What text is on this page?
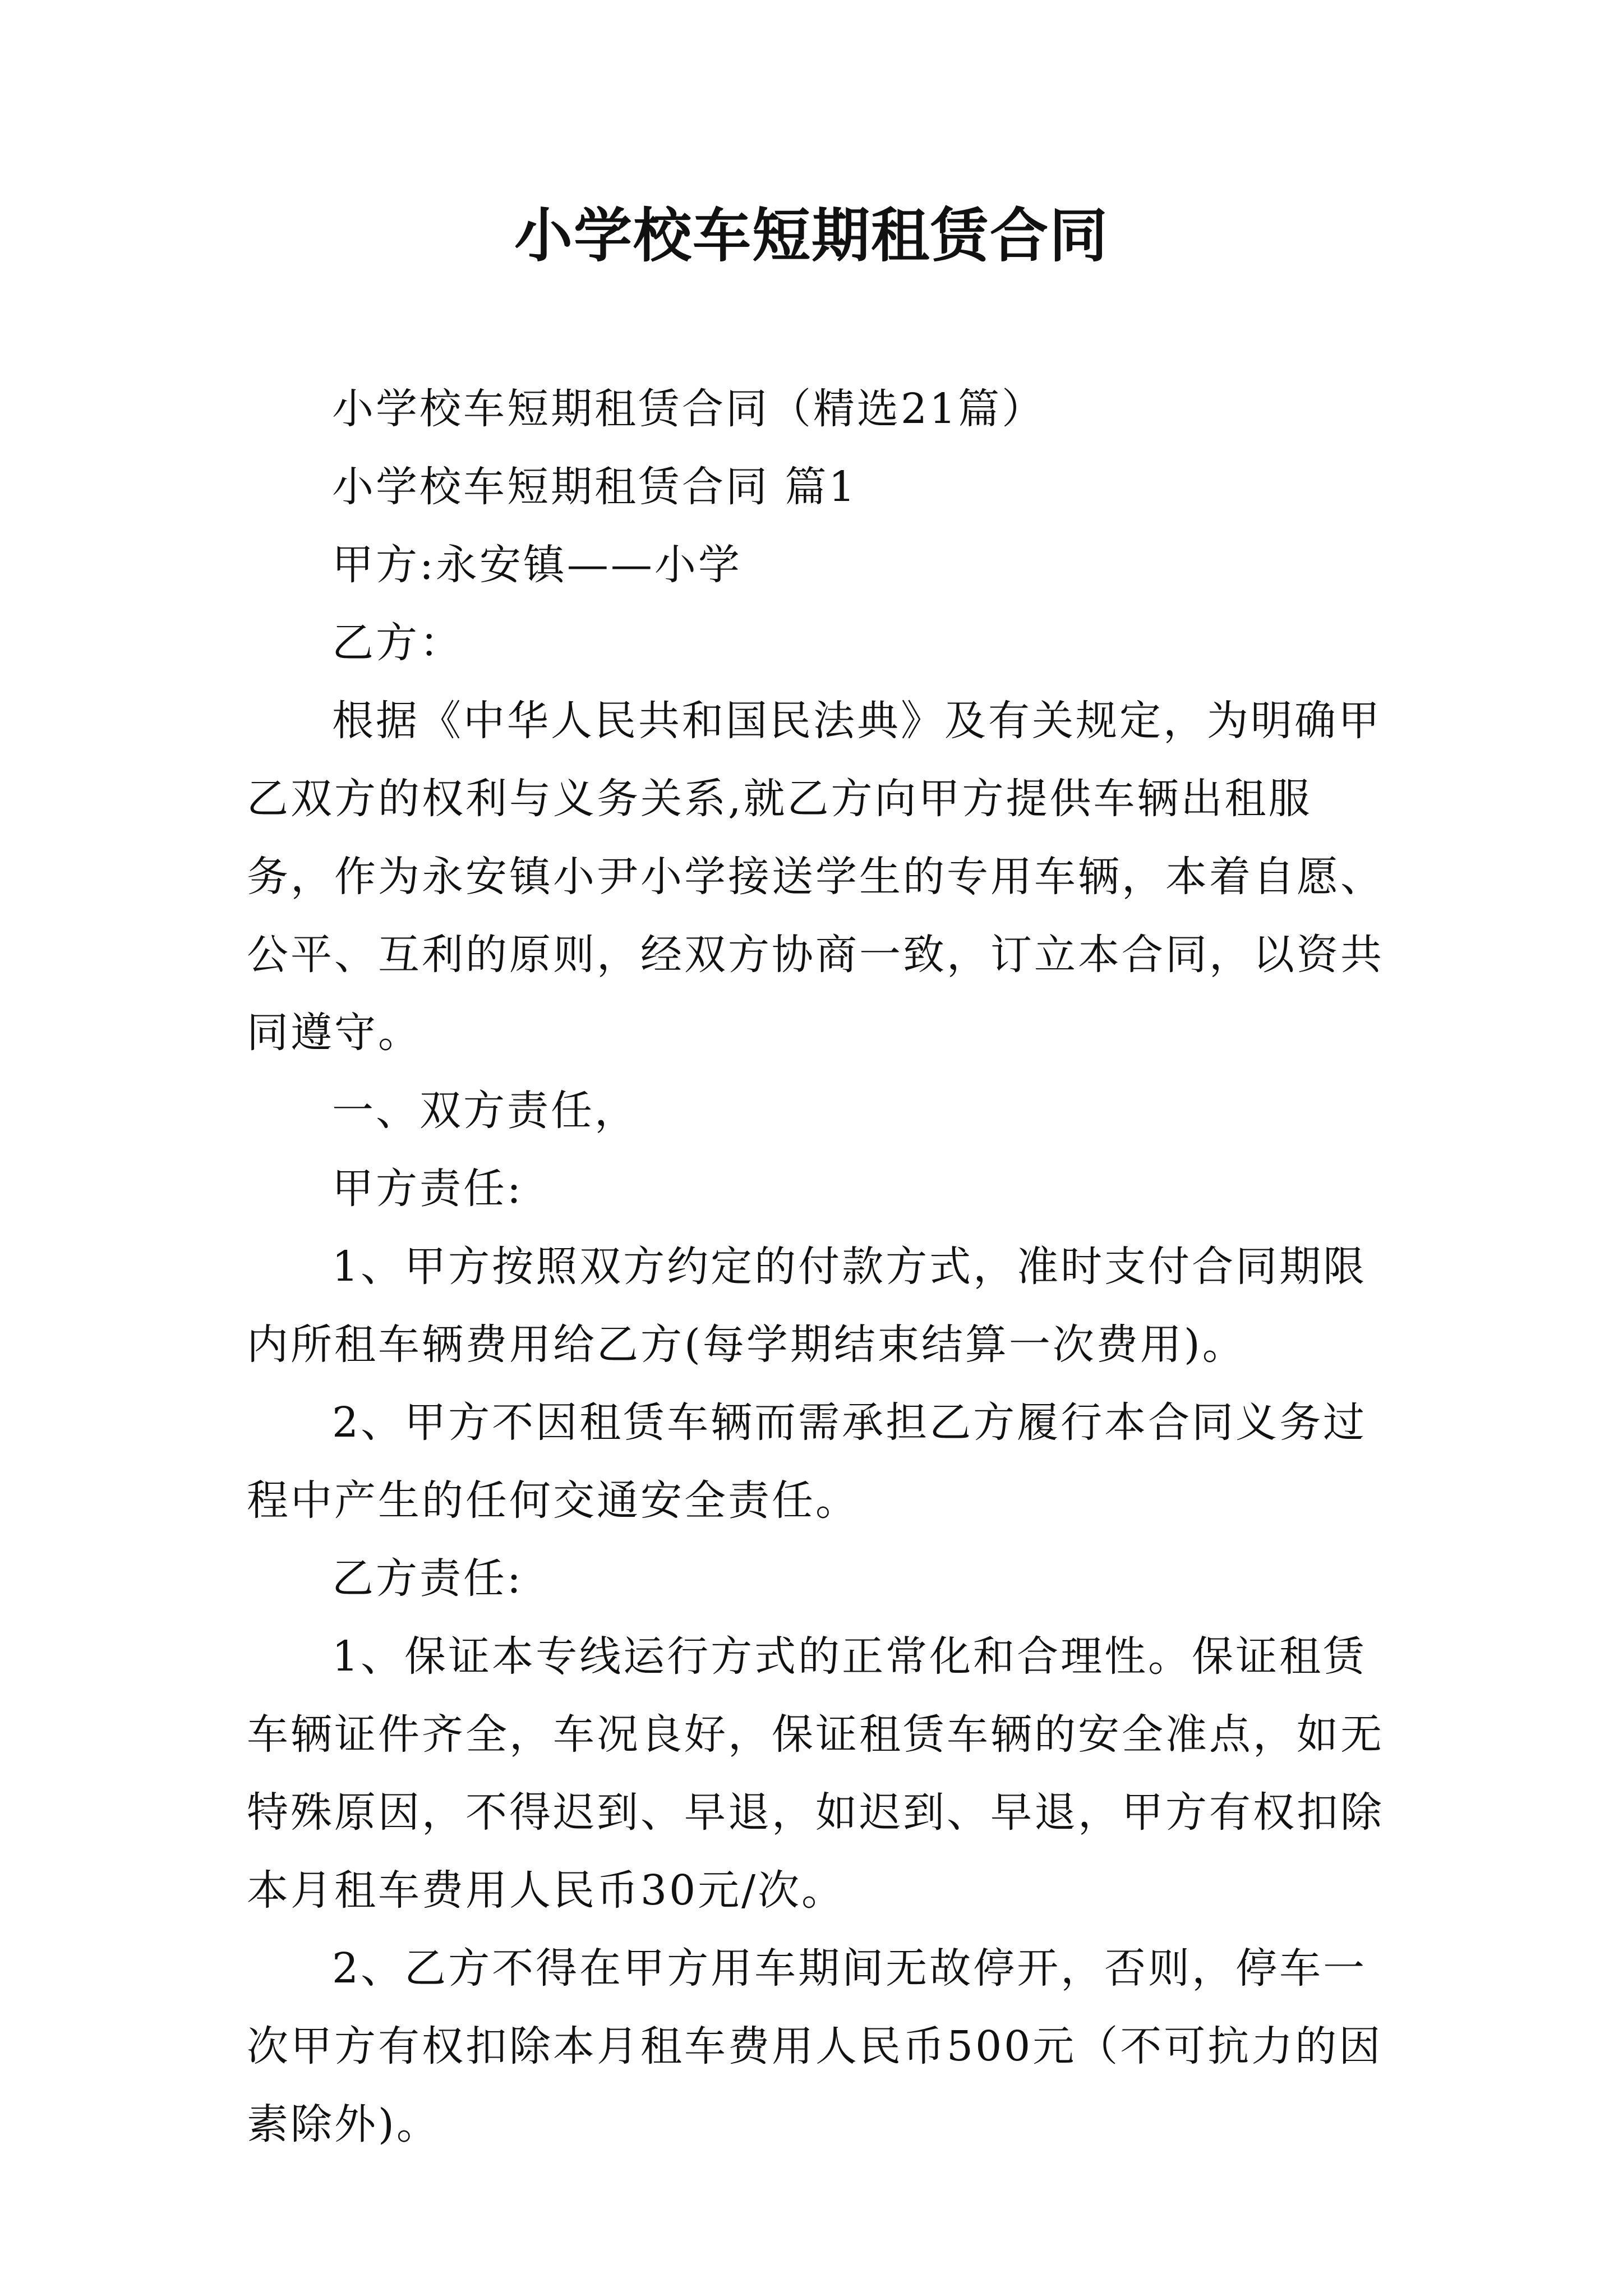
小学校车短期租赁合同

小学校车短期租赁合同（精选21篇）

小学校车短期租赁合同 篇1

甲方:永安镇——小学

乙方：

根据《中华人民共和国民法典》及有关规定，为明确甲乙双方的权利与义务关系,就乙方向甲方提供车辆出租服务，作为永安镇小尹小学接送学生的专用车辆，本着自愿、公平、互利的原则，经双方协商一致，订立本合同，以资共同遵守。

一、双方责任，

甲方责任:

1、甲方按照双方约定的付款方式，准时支付合同期限内所租车辆费用给乙方(每学期结束结算一次费用)。

2、甲方不因租赁车辆而需承担乙方履行本合同义务过程中产生的任何交通安全责任。

乙方责任:

1、保证本专线运行方式的正常化和合理性。保证租赁车辆证件齐全，车况良好，保证租赁车辆的安全准点，如无特殊原因，不得迟到、早退，如迟到、早退，甲方有权扣除本月租车费用人民币30元/次。

2、乙方不得在甲方用车期间无故停开，否则，停车一次甲方有权扣除本月租车费用人民币500元（不可抗力的因素除外)。
